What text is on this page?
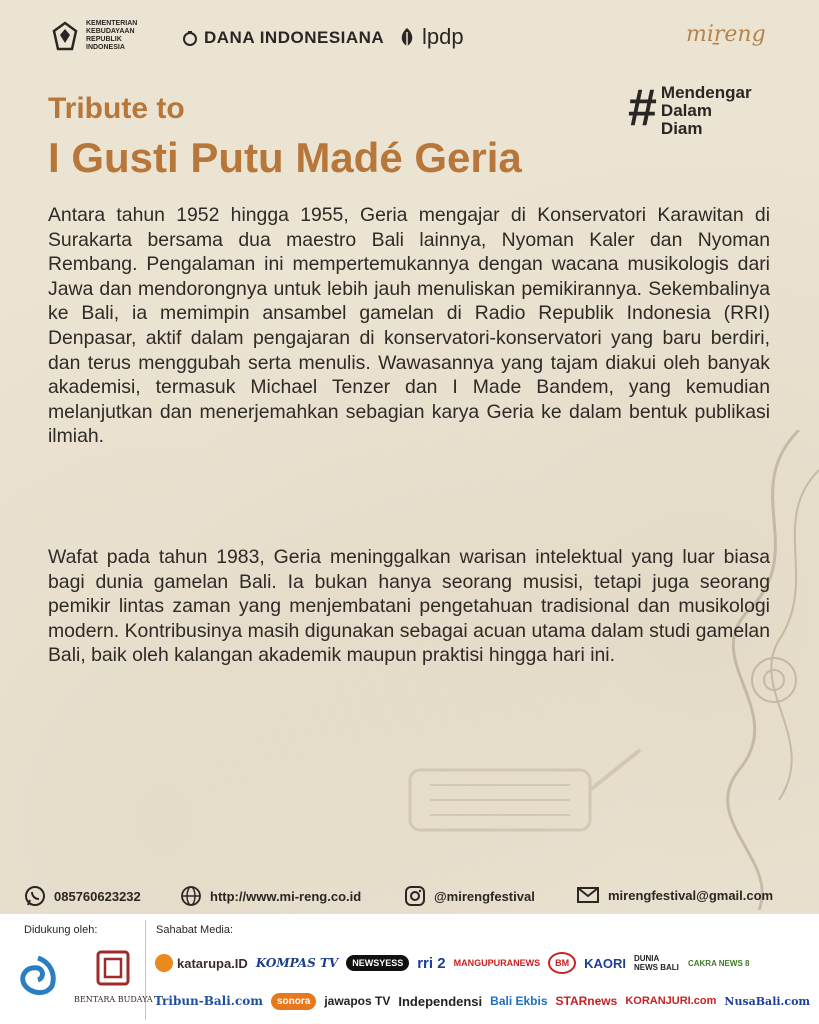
KEMENTERIAN
KEBUDAYAAN
REPUBLIK
INDONESIA
DANA INDONESIANA lpdp	miṟeng
Tribute to
I Gusti Putu Madé Geria
# Mendengar
Dalam
Diam

Antara tahun 1952 hingga 1955, Geria mengajar di Konservatori Karawitan di Surakarta bersama dua maestro Bali lainnya, Nyoman Kaler dan Nyoman Rembang. Pengalaman ini mempertemukannya dengan wacana musikologis dari Jawa dan mendorongnya untuk lebih jauh menuliskan pemikirannya. Sekembalinya ke Bali, ia memimpin ansambel gamelan di Radio Republik Indonesia (RRI) Denpasar, aktif dalam pengajaran di konservatori-konservatori yang baru berdiri, dan terus menggubah serta menulis. Wawasannya yang tajam diakui oleh banyak akademisi, termasuk Michael Tenzer dan I Made Bandem, yang kemudian melanjutkan dan menerjemahkan sebagian karya Geria ke dalam bentuk publikasi ilmiah.

Wafat pada tahun 1983, Geria meninggalkan warisan intelektual yang luar biasa bagi dunia gamelan Bali. Ia bukan hanya seorang musisi, tetapi juga seorang pemikir lintas zaman yang menjembatani pengetahuan tradisional dan musikologi modern. Kontribusinya masih digunakan sebagai acuan utama dalam studi gamelan Bali, baik oleh kalangan akademik maupun praktisi hingga hari ini.

085760623232	http://www.mi-reng.co.id	@mirengfestival	mirengfestival@gmail.com
Didukung oleh:	Sahabat Media:
BENTARA BUDAYA
katarupa.ID KOMPAS TV	NEWSYESS rri 2 MANGUPURANEWS	BM	KAORI DUNIA NEWS BALI CAKRA NEWS 8
Tribun-Bali.com	sonora	jawapos TV Independensi Bali Ekbis STARnews KORANJURI.com NusaBali.com
